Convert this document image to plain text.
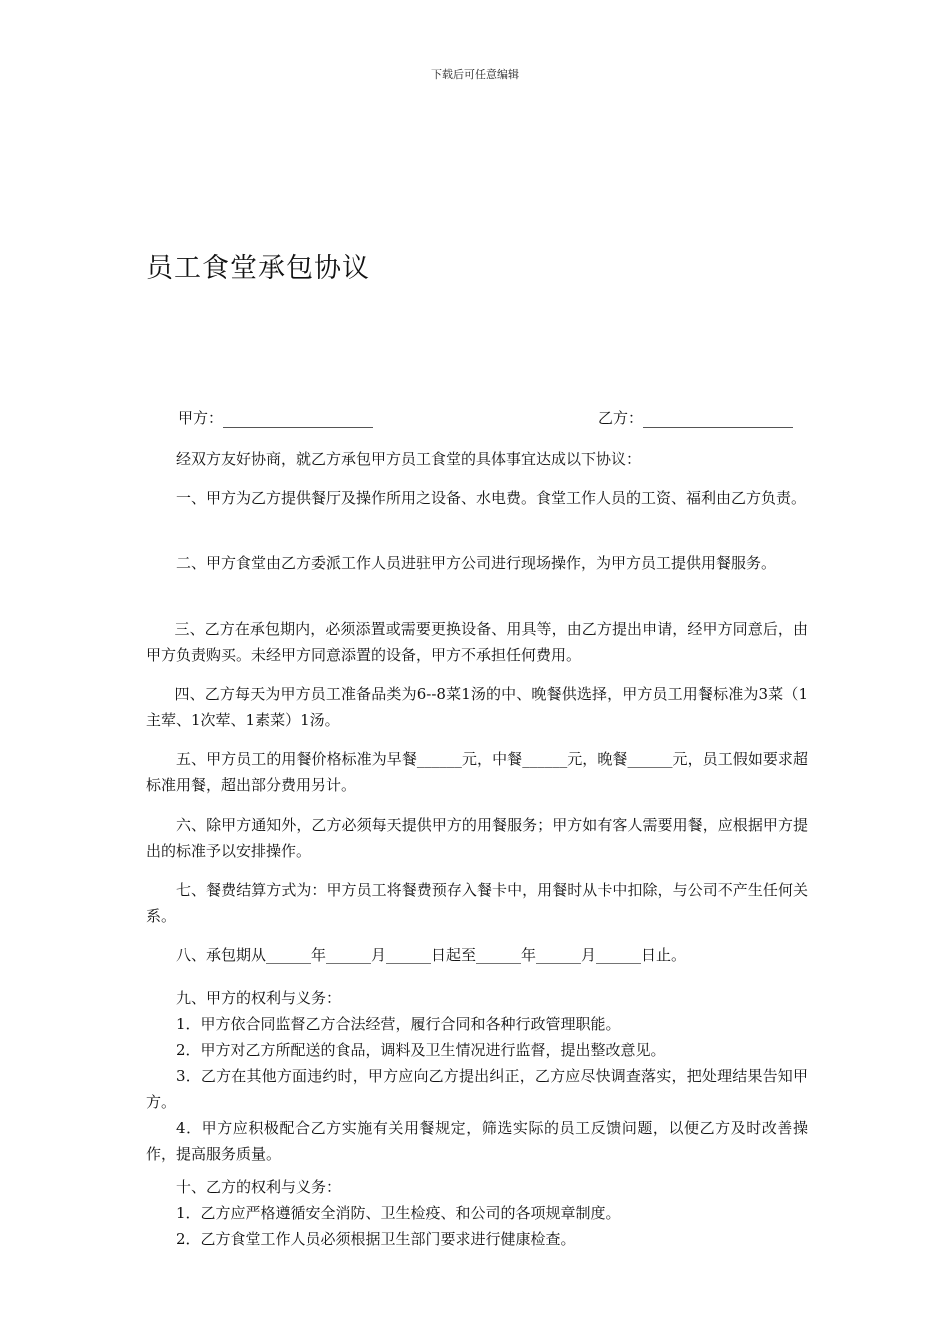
下载后可任意编辑
员工食堂承包协议
甲方：	乙方：

经双方友好协商，就乙方承包甲方员工食堂的具体事宜达成以下协议：

一、甲方为乙方提供餐厅及操作所用之设备、水电费。食堂工作人员的工资、福利由乙方负责。

二、甲方食堂由乙方委派工作人员进驻甲方公司进行现场操作，为甲方员工提供用餐服务。

三、乙方在承包期内，必须添置或需要更换设备、用具等，由乙方提出申请，经甲方同意后，由甲方负责购买。未经甲方同意添置的设备，甲方不承担任何费用。

四、乙方每天为甲方员工准备品类为6--8菜1汤的中、晚餐供选择，甲方员工用餐标准为3菜（1主荤、1次荤、1素菜）1汤。

五、甲方员工的用餐价格标准为早餐______元，中餐______元，晚餐______元，员工假如要求超标准用餐，超出部分费用另计。

六、除甲方通知外，乙方必须每天提供甲方的用餐服务；甲方如有客人需要用餐，应根据甲方提出的标准予以安排操作。

七、餐费结算方式为：甲方员工将餐费预存入餐卡中，用餐时从卡中扣除，与公司不产生任何关系。

八、承包期从______年______月______日起至______年______月______日止。

九、甲方的权利与义务：
1．甲方依合同监督乙方合法经营，履行合同和各种行政管理职能。
2．甲方对乙方所配送的食品，调料及卫生情况进行监督，提出整改意见。
3．乙方在其他方面违约时，甲方应向乙方提出纠正，乙方应尽快调查落实，把处理结果告知甲方。
4．甲方应积极配合乙方实施有关用餐规定，筛选实际的员工反馈问题，以便乙方及时改善操作，提高服务质量。
十、乙方的权利与义务：
1．乙方应严格遵循安全消防、卫生检疫、和公司的各项规章制度。
2．乙方食堂工作人员必须根据卫生部门要求进行健康检查。
